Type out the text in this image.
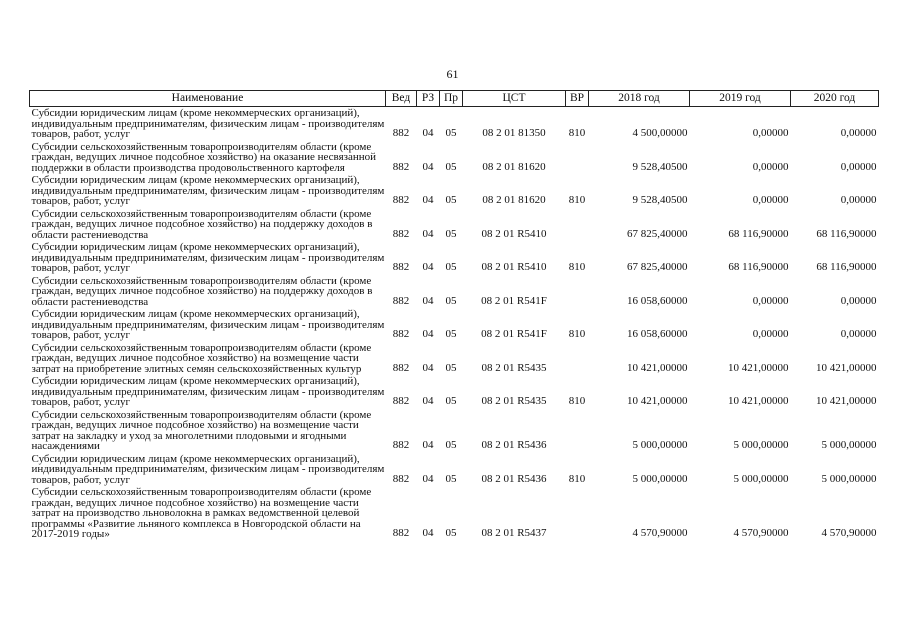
61
Наименование	Вед	РЗ	Пр	ЦСТ	ВР	2018 год	2019 год	2020 год
Субсидии юридическим лицам (кроме некоммерческих организаций), индивидуальным предпринимателям, физическим лицам - производителям товаров, работ, услуг	882	04	05	08 2 01 81350	810	4 500,00000	0,00000	0,00000
Субсидии сельскохозяйственным товаропроизводителям области (кроме граждан, ведущих личное подсобное хозяйство) на оказание несвязанной поддержки в области производства продовольственного картофеля	882	04	05	08 2 01 81620		9 528,40500	0,00000	0,00000
Субсидии юридическим лицам (кроме некоммерческих организаций), индивидуальным предпринимателям, физическим лицам - производителям товаров, работ, услуг	882	04	05	08 2 01 81620	810	9 528,40500	0,00000	0,00000
Субсидии сельскохозяйственным товаропроизводителям области (кроме граждан, ведущих личное подсобное хозяйство) на поддержку доходов в области растениеводства	882	04	05	08 2 01 R5410		67 825,40000	68 116,90000	68 116,90000
Субсидии юридическим лицам (кроме некоммерческих организаций), индивидуальным предпринимателям, физическим лицам - производителям товаров, работ, услуг	882	04	05	08 2 01 R5410	810	67 825,40000	68 116,90000	68 116,90000
Субсидии сельскохозяйственным товаропроизводителям области (кроме граждан, ведущих личное подсобное хозяйство) на поддержку доходов в области растениеводства	882	04	05	08 2 01 R541F		16 058,60000	0,00000	0,00000
Субсидии юридическим лицам (кроме некоммерческих организаций), индивидуальным предпринимателям, физическим лицам - производителям товаров, работ, услуг	882	04	05	08 2 01 R541F	810	16 058,60000	0,00000	0,00000
Субсидии сельскохозяйственным товаропроизводителям области (кроме граждан, ведущих личное подсобное хозяйство) на возмещение части затрат на приобретение элитных семян сельскохозяйственных культур	882	04	05	08 2 01 R5435		10 421,00000	10 421,00000	10 421,00000
Субсидии юридическим лицам (кроме некоммерческих организаций), индивидуальным предпринимателям, физическим лицам - производителям товаров, работ, услуг	882	04	05	08 2 01 R5435	810	10 421,00000	10 421,00000	10 421,00000
Субсидии сельскохозяйственным товаропроизводителям области (кроме граждан, ведущих личное подсобное хозяйство) на возмещение части затрат на закладку и уход за многолетними плодовыми и ягодными насаждениями	882	04	05	08 2 01 R5436		5 000,00000	5 000,00000	5 000,00000
Субсидии юридическим лицам (кроме некоммерческих организаций), индивидуальным предпринимателям, физическим лицам - производителям товаров, работ, услуг	882	04	05	08 2 01 R5436	810	5 000,00000	5 000,00000	5 000,00000
Субсидии сельскохозяйственным товаропроизводителям области (кроме граждан, ведущих личное подсобное хозяйство) на возмещение части затрат на производство льноволокна в рамках ведомственной целевой программы «Развитие льняного комплекса в Новгородской области на 2017-2019 годы»	882	04	05	08 2 01 R5437		4 570,90000	4 570,90000	4 570,90000
